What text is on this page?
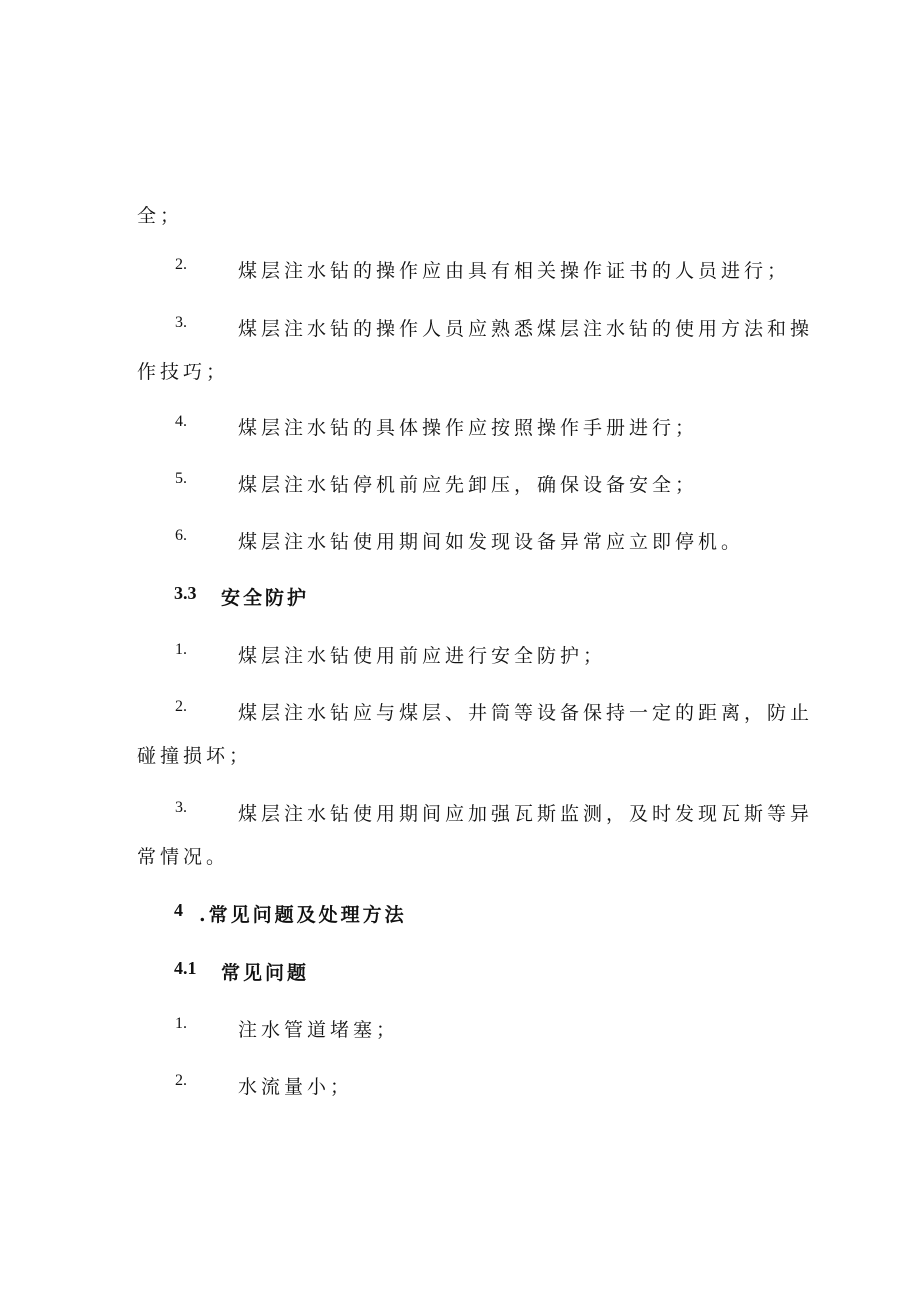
全；
2.	煤层注水钻的操作应由具有相关操作证书的人员进行；
3.	煤层注水钻的操作人员应熟悉煤层注水钻的使用方法和操
作技巧；
4.	煤层注水钻的具体操作应按照操作手册进行；
5.	煤层注水钻停机前应先卸压，确保设备安全；
6.	煤层注水钻使用期间如发现设备异常应立即停机。
3.3 安全防护
1.	煤层注水钻使用前应进行安全防护；
2.	煤层注水钻应与煤层、井筒等设备保持一定的距离，防止
碰撞损坏；
3.	煤层注水钻使用期间应加强瓦斯监测，及时发现瓦斯等异
常情况。
4 .常见问题及处理方法
4.1 常见问题
1.	注水管道堵塞；
2.	水流量小；
